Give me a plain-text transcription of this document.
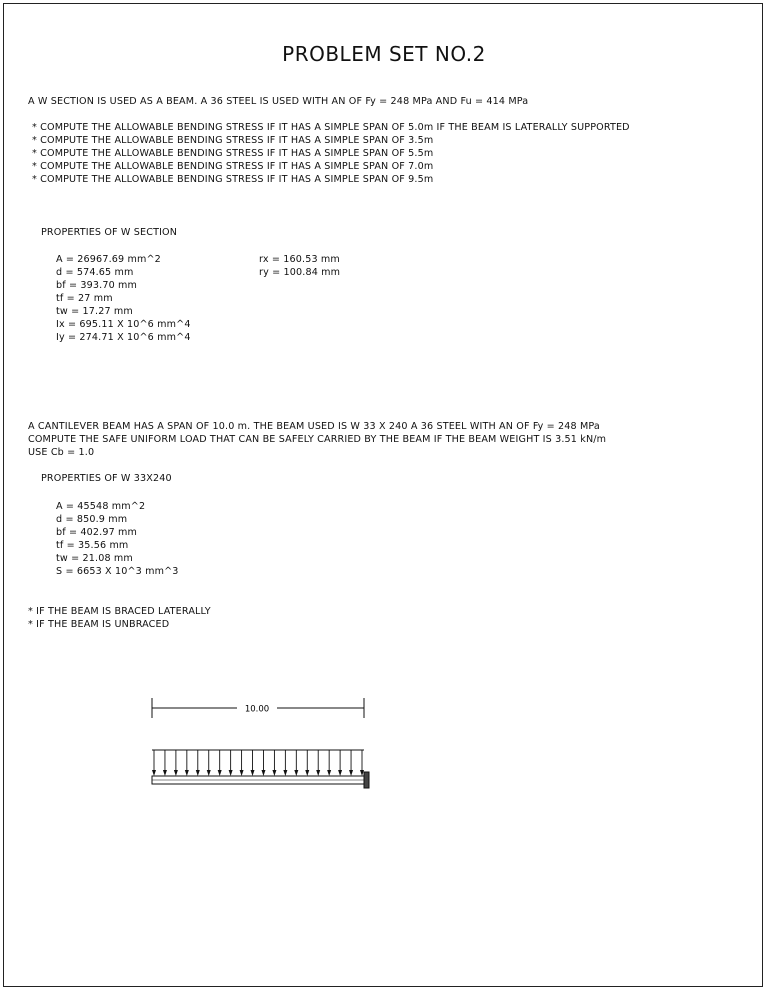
PROBLEM SET NO.2
A W SECTION IS USED AS A BEAM. A 36 STEEL IS USED WITH AN OF Fy = 248 MPa AND Fu = 414 MPa
* COMPUTE THE ALLOWABLE BENDING STRESS IF IT HAS A SIMPLE SPAN OF 5.0m IF THE BEAM IS LATERALLY SUPPORTED
* COMPUTE THE ALLOWABLE BENDING STRESS IF IT HAS A SIMPLE SPAN OF 3.5m
* COMPUTE THE ALLOWABLE BENDING STRESS IF IT HAS A SIMPLE SPAN OF 5.5m
* COMPUTE THE ALLOWABLE BENDING STRESS IF IT HAS A SIMPLE SPAN OF 7.0m
* COMPUTE THE ALLOWABLE BENDING STRESS IF IT HAS A SIMPLE SPAN OF 9.5m
PROPERTIES OF W SECTION
A = 26967.69 mm^2
d = 574.65 mm
bf = 393.70 mm
tf = 27 mm
tw = 17.27 mm
Ix = 695.11 X 10^6 mm^4
Iy = 274.71 X 10^6 mm^4
rx = 160.53 mm
ry = 100.84 mm
A CANTILEVER BEAM HAS A SPAN OF 10.0 m. THE BEAM USED IS W 33 X 240 A 36 STEEL WITH AN OF Fy = 248 MPa
COMPUTE THE SAFE UNIFORM LOAD THAT CAN BE SAFELY CARRIED BY THE BEAM IF THE BEAM WEIGHT IS 3.51 kN/m
USE Cb = 1.0
PROPERTIES OF W 33X240
A = 45548 mm^2
d = 850.9 mm
bf = 402.97 mm
tf = 35.56 mm
tw = 21.08 mm
S = 6653 X 10^3 mm^3
* IF THE BEAM IS BRACED LATERALLY
* IF THE BEAM IS UNBRACED
10.00
